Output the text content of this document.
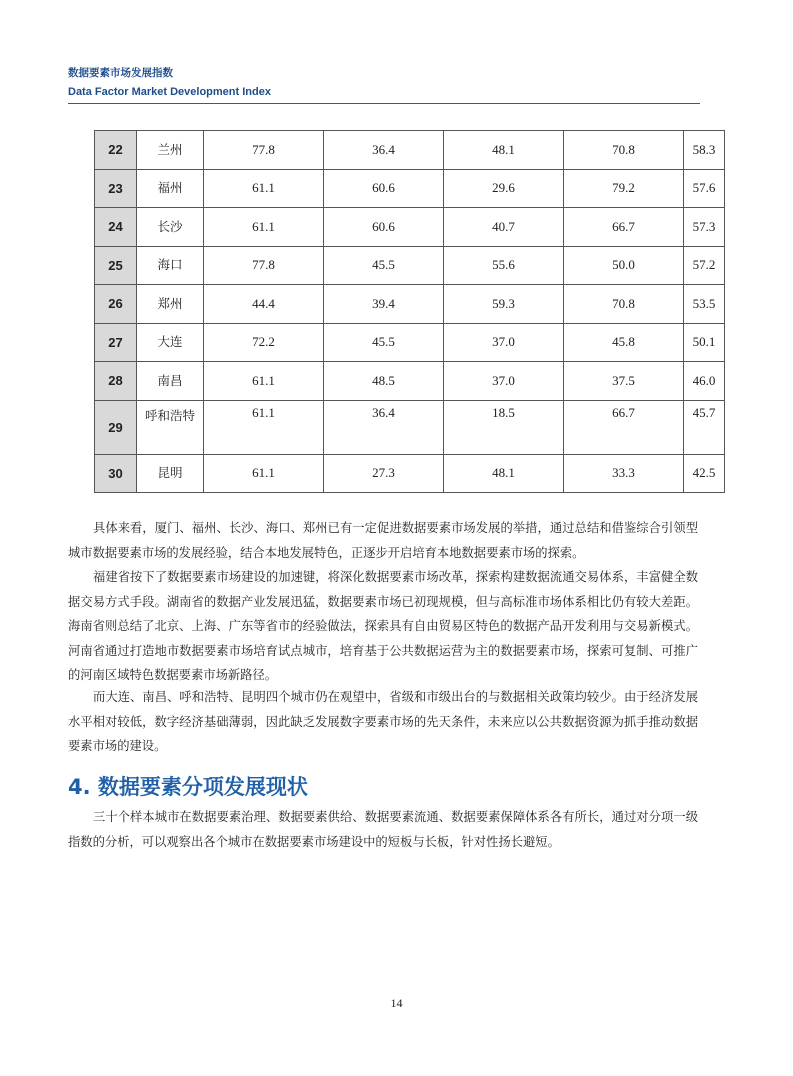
数据要素市场发展指数
Data Factor Market Development Index
22	兰州	77.8	36.4	48.1	70.8	58.3
23	福州	61.1	60.6	29.6	79.2	57.6
24	长沙	61.1	60.6	40.7	66.7	57.3
25	海口	77.8	45.5	55.6	50.0	57.2
26	郑州	44.4	39.4	59.3	70.8	53.5
27	大连	72.2	45.5	37.0	45.8	50.1
28	南昌	61.1	48.5	37.0	37.5	46.0
29	呼和浩特	61.1	36.4	18.5	66.7	45.7
30	昆明	61.1	27.3	48.1	33.3	42.5

具体来看，厦门、福州、长沙、海口、郑州已有一定促进数据要素市场发展的举措，通过总结和借鉴综合引领型城市数据要素市场的发展经验，结合本地发展特色，正逐步开启培育本地数据要素市场的探索。

福建省按下了数据要素市场建设的加速键，将深化数据要素市场改革，探索构建数据流通交易体系，丰富健全数据交易方式手段。湖南省的数据产业发展迅猛，数据要素市场已初现规模，但与高标准市场体系相比仍有较大差距。海南省则总结了北京、上海、广东等省市的经验做法，探索具有自由贸易区特色的数据产品开发利用与交易新模式。河南省通过打造地市数据要素市场培育试点城市，培育基于公共数据运营为主的数据要素市场，探索可复制、可推广的河南区域特色数据要素市场新路径。

而大连、南昌、呼和浩特、昆明四个城市仍在观望中，省级和市级出台的与数据相关政策均较少。由于经济发展水平相对较低，数字经济基础薄弱，因此缺乏发展数字要素市场的先天条件，未来应以公共数据资源为抓手推动数据要素市场的建设。

4. 数据要素分项发展现状

三十个样本城市在数据要素治理、数据要素供给、数据要素流通、数据要素保障体系各有所长，通过对分项一级指数的分析，可以观察出各个城市在数据要素市场建设中的短板与长板，针对性扬长避短。

14
